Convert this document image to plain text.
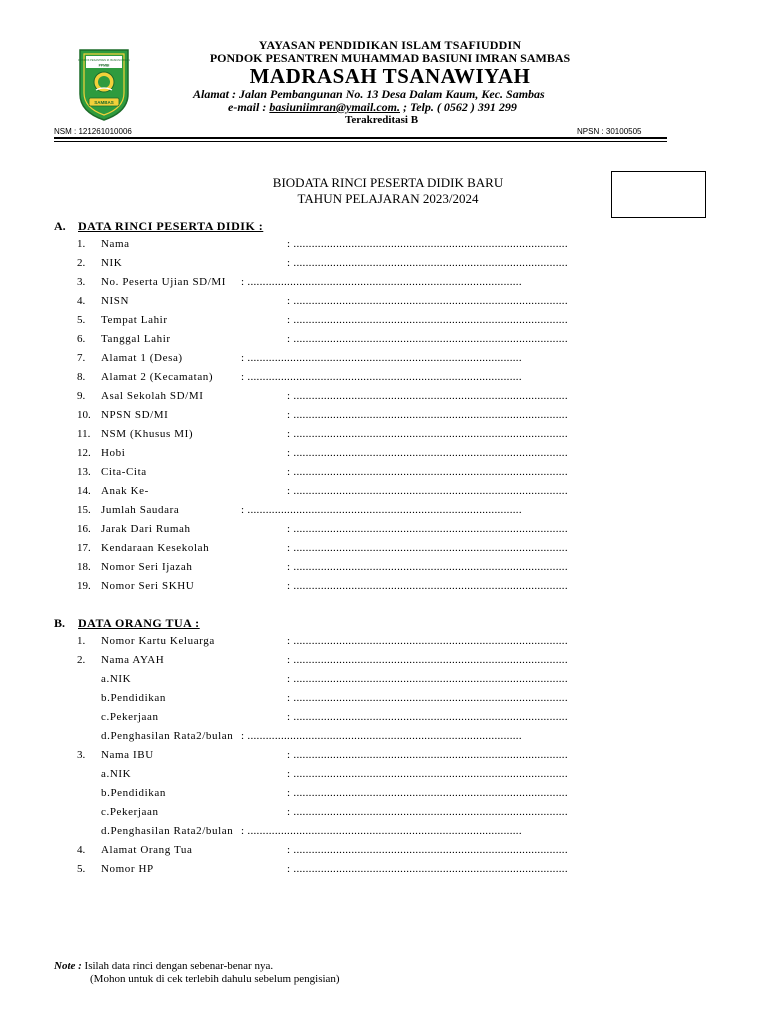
PONDOK PESANTREN M. BASIUNI IMRAN
PPMBI
SAMBAS
YAYASAN PENDIDIKAN ISLAM TSAFIUDDIN
PONDOK PESANTREN MUHAMMAD BASIUNI IMRAN SAMBAS
MADRASAH TSANAWIYAH
Alamat : Jalan Pembangunan No. 13 Desa Dalam Kaum, Kec. Sambas
e-mail : basiuniimran@ymail.com. ; Telp. ( 0562 ) 391 299
Terakreditasi B
NSM : 121261010006	NPSN : 30100505
BIODATA RINCI PESERTA DIDIK BARU
TAHUN PELAJARAN 2023/2024
A. DATA RINCI PESERTA DIDIK :
1.	Nama	: ..........................................................................................
2.	NIK	: ..........................................................................................
3.	No. Peserta Ujian SD/MI : ..........................................................................................
4.	NISN	: ..........................................................................................
5.	Tempat Lahir	: ..........................................................................................
6.	Tanggal Lahir	: ..........................................................................................
7.	Alamat 1 (Desa)	: ..........................................................................................
8.	Alamat 2 (Kecamatan)	: ..........................................................................................
9.	Asal Sekolah SD/MI	: ..........................................................................................
10. NPSN SD/MI	: ..........................................................................................
11. NSM (Khusus MI)	: ..........................................................................................
12. Hobi	: ..........................................................................................
13. Cita-Cita	: ..........................................................................................
14. Anak Ke-	: ..........................................................................................
15. Jumlah Saudara	: ..........................................................................................
16. Jarak Dari Rumah	: ..........................................................................................
17. Kendaraan Kesekolah	: ..........................................................................................
18. Nomor Seri Ijazah	: ..........................................................................................
19. Nomor Seri SKHU	: ..........................................................................................
B. DATA ORANG TUA :
1.	Nomor Kartu Keluarga	: ..........................................................................................
2.	Nama AYAH	: ..........................................................................................
a.NIK	: ..........................................................................................
b.Pendidikan	: ..........................................................................................
c.Pekerjaan	: ..........................................................................................
d.Penghasilan Rata2/bulan : ..........................................................................................
3.	Nama IBU	: ..........................................................................................
a.NIK	: ..........................................................................................
b.Pendidikan	: ..........................................................................................
c.Pekerjaan	: ..........................................................................................
d.Penghasilan Rata2/bulan : ..........................................................................................
4.	Alamat Orang Tua	: ..........................................................................................
5.	Nomor HP	: ..........................................................................................
Note : Isilah data rinci dengan sebenar-benar nya.
(Mohon untuk di cek terlebih dahulu sebelum pengisian)
